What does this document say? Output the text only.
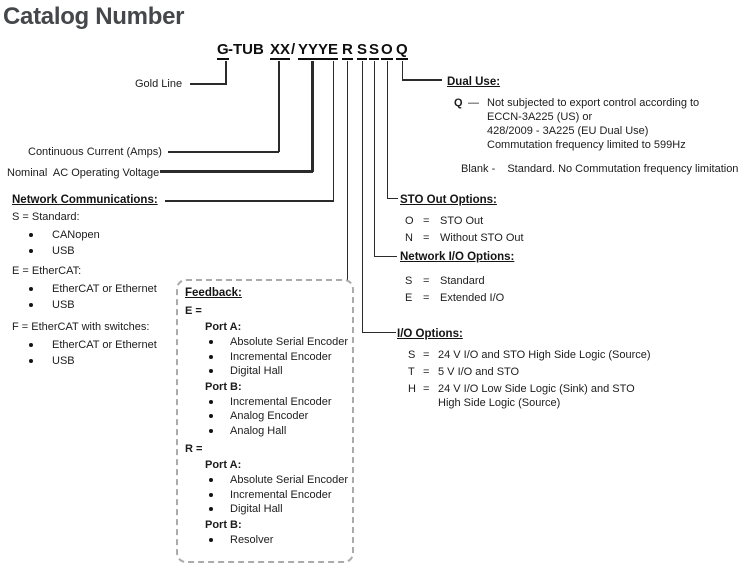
Catalog Number
G -TUB XX / YYY E R S S O Q
Gold Line
Continuous Current (Amps)
Nominal  AC Operating Voltage
Network Communications:
S = Standard:
CANopen
USB
E = EtherCAT:
EtherCAT or Ethernet
USB
F = EtherCAT with switches:
EtherCAT or Ethernet
USB
Feedback:
E =
Port A:
Absolute Serial Encoder
Incremental Encoder
Digital Hall
Port B:
Incremental Encoder
Analog Encoder
Analog Hall
R =
Port A:
Absolute Serial Encoder
Incremental Encoder
Digital Hall
Port B:
Resolver
STO Out Options:
O = STO Out
N = Without STO Out
Network I/O Options:
S = Standard
E = Extended I/O
I/O Options:
S = 24 V I/O and STO High Side Logic (Source)
T = 5 V I/O and STO
H = 24 V I/O Low Side Logic (Sink) and STO
High Side Logic (Source)
Dual Use:
Q — Not subjected to export control according to
ECCN-3A225 (US) or
428/2009 - 3A225 (EU Dual Use)
Commutation frequency limited to 599Hz
Blank - Standard. No Commutation frequency limitation
